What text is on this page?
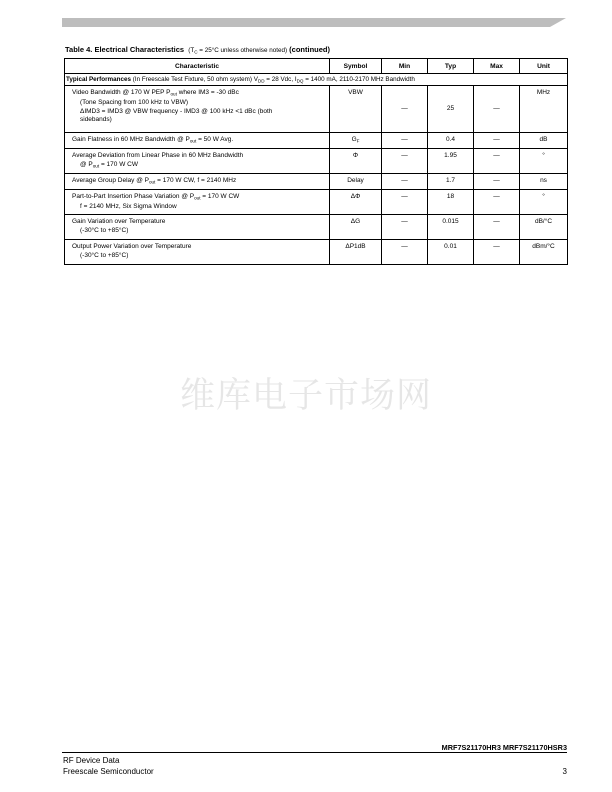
Table 4. Electrical Characteristics ($T_C = 25^\circ C$ unless otherwise noted) (continued)
Characteristic	Symbol	Min	Typ	Max	Unit
Typical Performances (In Freescale Test Fixture, 50 ohm system) $V_{DD} = 28$ Vdc, $I_{DQ} = 1400$ mA, 2110-2170 MHz Bandwidth					

Video Bandwidth @ 170 W PEP $P_{out}$ where IM3 = -30 dBc
(Tone Spacing from 100 kHz to VBW)
ΔIMD3 = IMD3 @ VBW frequency - IMD3 @ 100 kHz <1 dBc (both
sidebands)	VBW	—	25	—	MHz

Gain Flatness in 60 MHz Bandwidth @ $P_{out} = 50$ W Avg.	$G_F$	—	0.4	—	dB

Average Deviation from Linear Phase in 60 MHz Bandwidth
@ $P_{out} = 170$ W CW	Φ	—	1.95	—	°

Average Group Delay @ $P_{out} = 170$ W CW, f = 2140 MHz	Delay	—	1.7	—	ns

Part-to-Part Insertion Phase Variation @ $P_{out} = 170$ W CW
f = 2140 MHz, Six Sigma Window	ΔΦ	—	18	—	°

Gain Variation over Temperature
(-30°C to +85°C)	ΔG	—	0.015	—	dB/°C

Output Power Variation over Temperature
(-30°C to +85°C)	ΔP1dB	—	0.01	—	dBm/°C
维库电子市场网
MRF7S21170HR3 MRF7S21170HSR3
RF Device Data
Freescale Semiconductor	3
